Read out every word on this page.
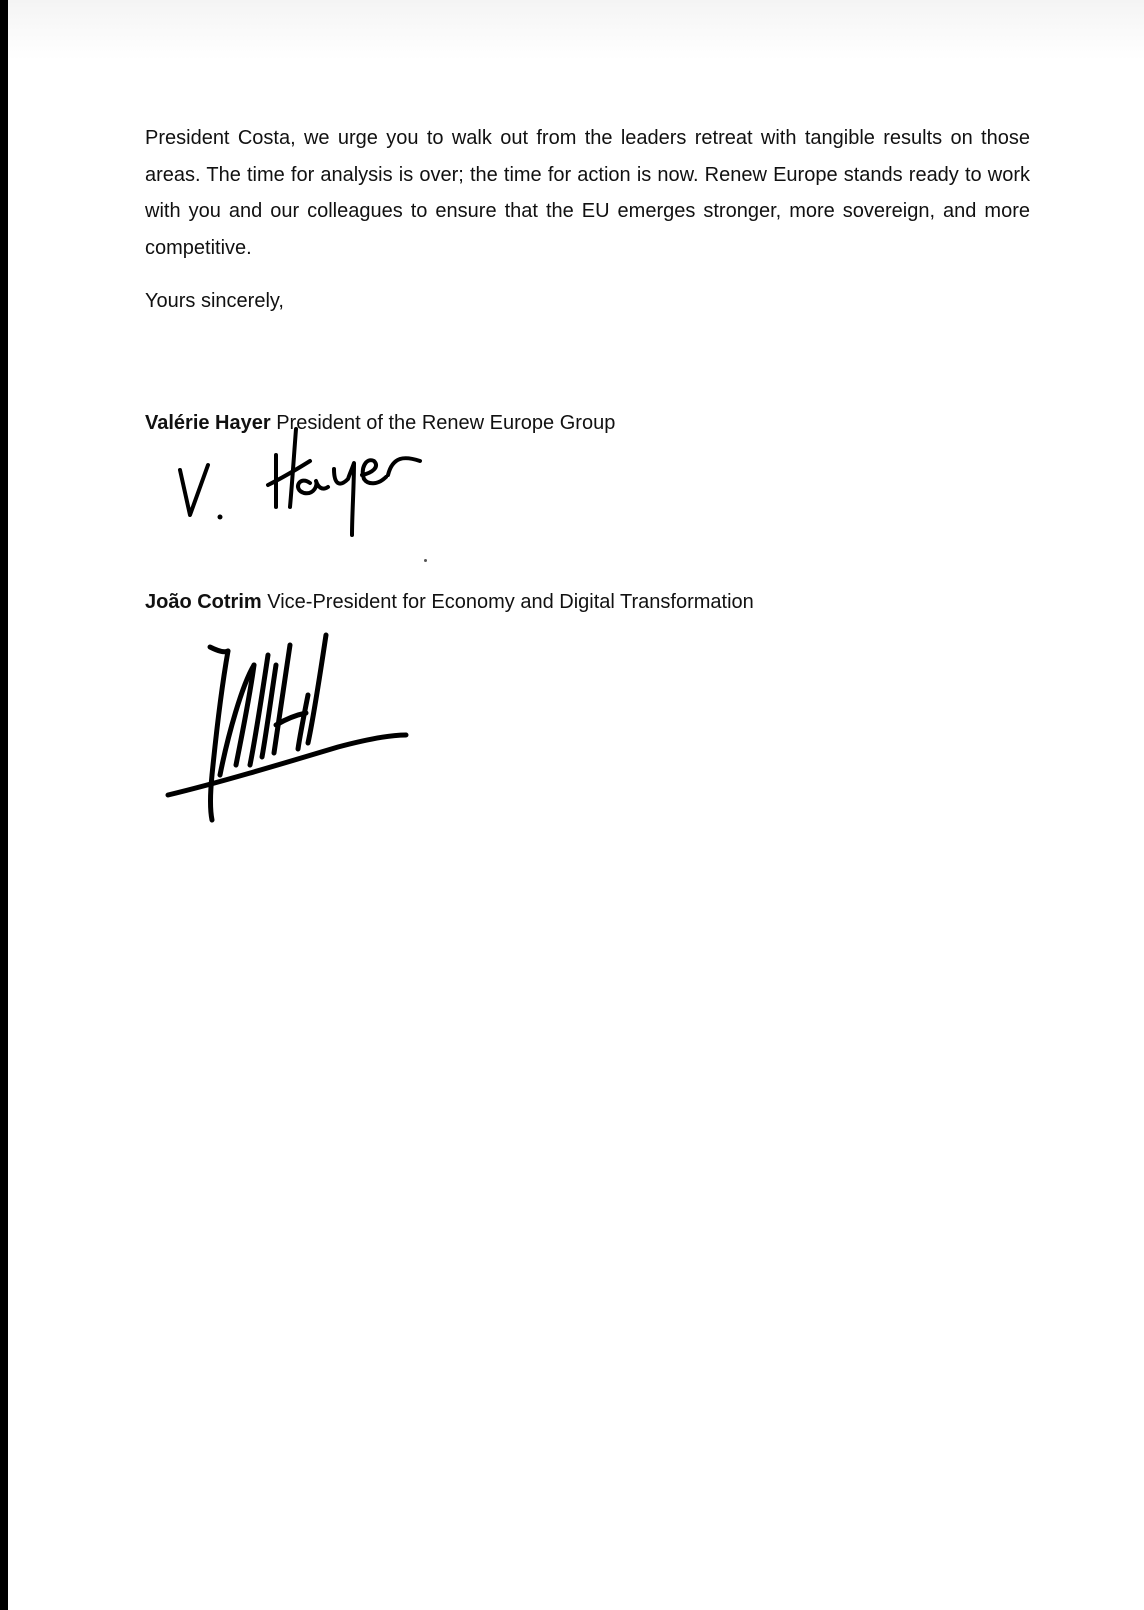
President Costa, we urge you to walk out from the leaders retreat with tangible results on those areas. The time for analysis is over; the time for action is now. Renew Europe stands ready to work with you and our colleagues to ensure that the EU emerges stronger, more sovereign, and more competitive.

Yours sincerely,
Valérie Hayer President of the Renew Europe Group
João Cotrim Vice-President for Economy and Digital Transformation
